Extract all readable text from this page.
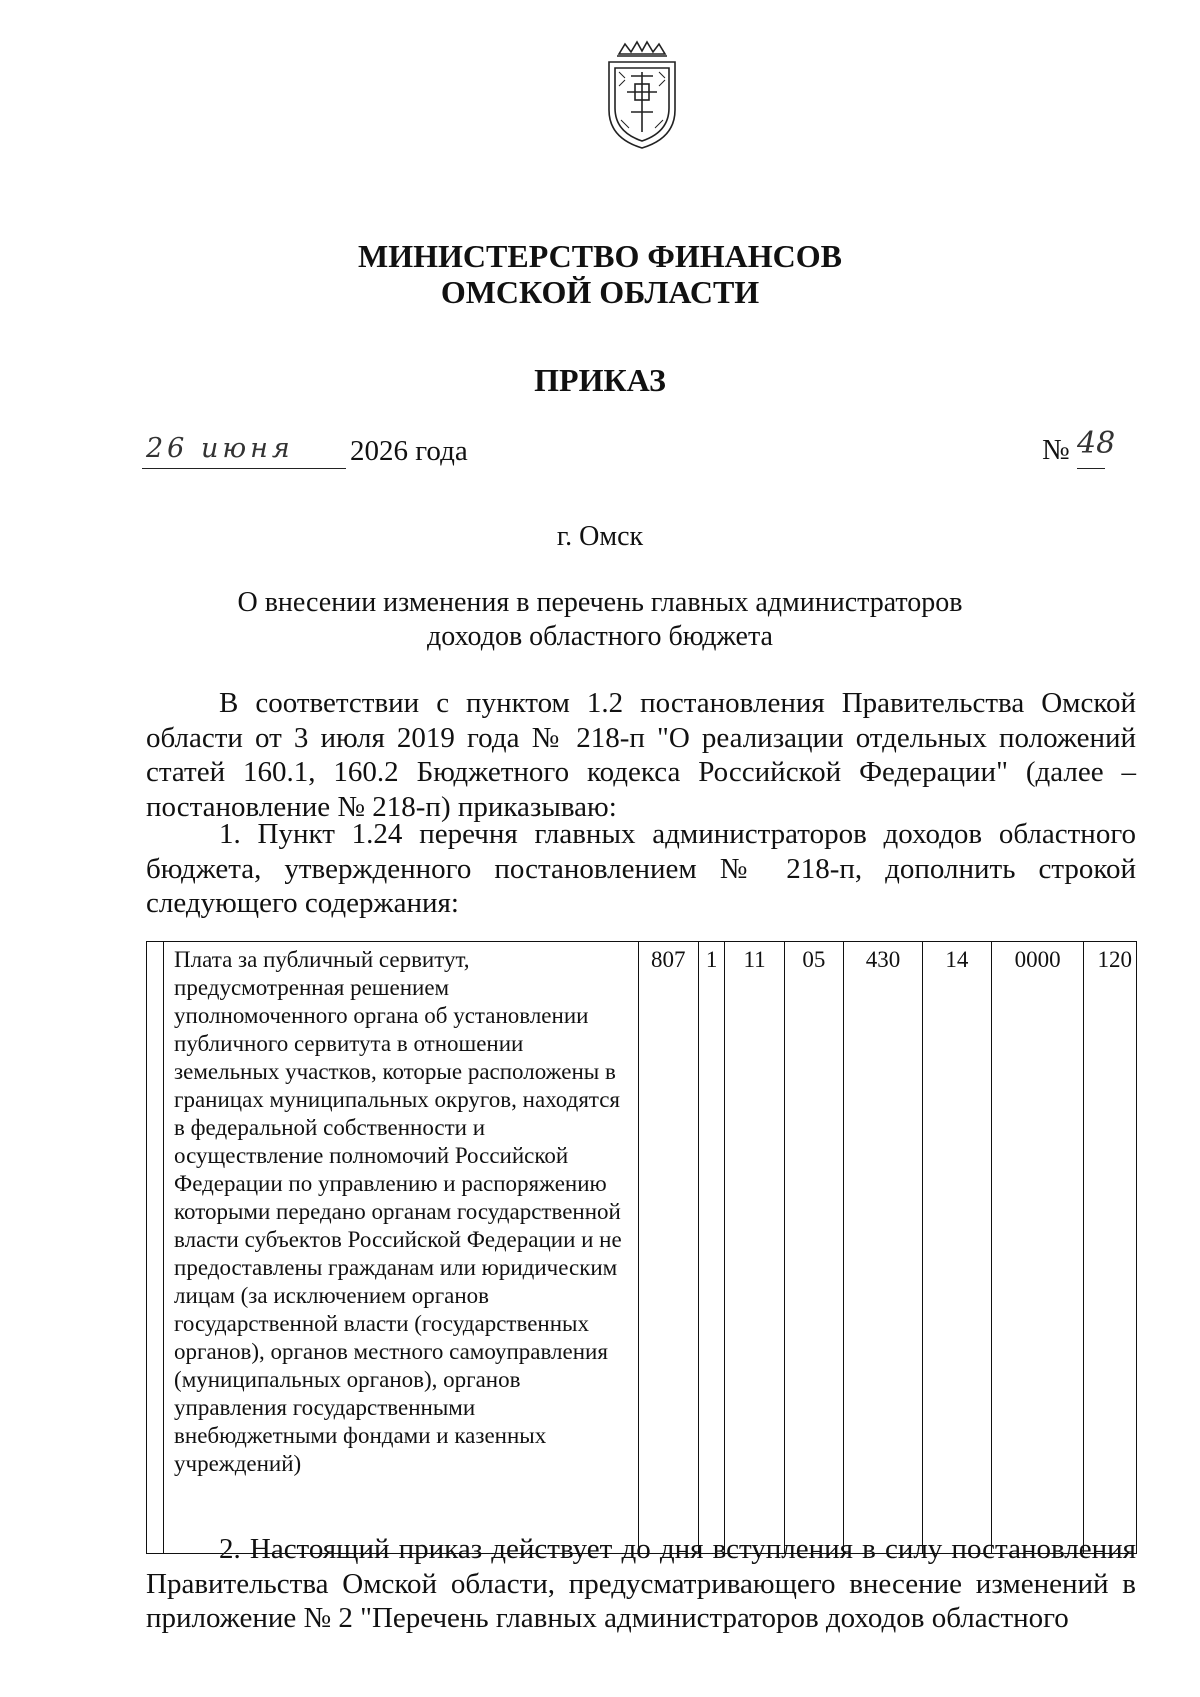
МИНИСТЕРСТВО ФИНАНСОВ
ОМСКОЙ ОБЛАСТИ
ПРИКАЗ
26 июня 2026 года	№ 48
г. Омск
О внесении изменения в перечень главных администраторов
доходов областного бюджета
В соответствии с пунктом 1.2 постановления Правительства Омской области от 3 июля 2019 года № 218-п "О реализации отдельных положений статей 160.1, 160.2 Бюджетного кодекса Российской Федерации" (далее – постановление № 218-п) приказываю:
1. Пункт 1.24 перечня главных администраторов доходов областного бюджета, утвержденного постановлением № 218-п, дополнить строкой следующего содержания:
	Плата за публичный сервитут, предусмотренная решением уполномоченного органа об установлении публичного сервитута в отношении земельных участков, которые расположены в границах муниципальных округов, находятся в федеральной собственности и осуществление полномочий Российской Федерации по управлению и распоряжению которыми передано органам государственной власти субъектов Российской Федерации и не предоставлены гражданам или юридическим лицам (за исключением органов государственной власти (государственных органов), органов местного самоуправления (муниципальных органов), органов управления государственными внебюджетными фондами и казенных учреждений)	807	1	11	05	430	14	0000	120
2. Настоящий приказ действует до дня вступления в силу постановления Правительства Омской области, предусматривающего внесение изменений в приложение № 2 "Перечень главных администраторов доходов областного
